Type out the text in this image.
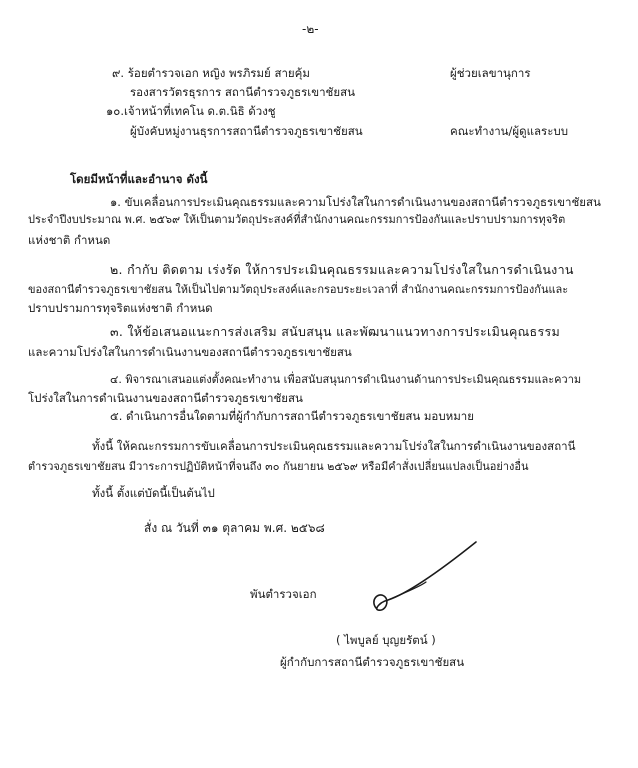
-๒-
๙. ร้อยตำรวจเอก หญิง พรภิรมย์ สายคุ้ม	ผู้ช่วยเลขานุการ
รองสารวัตรธุรการ สถานีตำรวจภูธรเขาชัยสน
๑๐.เจ้าหน้าที่เทคโน ด.ต.นิธิ ด้วงชู
ผู้บังคับหมู่งานธุรการสถานีตำรวจภูธรเขาชัยสน	คณะทำงาน/ผู้ดูแลระบบ
โดยมีหน้าที่และอำนาจ ดังนี้
๑. ขับเคลื่อนการประเมินคุณธรรมและความโปร่งใสในการดำเนินงานของสถานีตำรวจภูธรเขาชัยสน
ประจำปีงบประมาณ พ.ศ. ๒๕๖๙ ให้เป็นตามวัตถุประสงค์ที่สำนักงานคณะกรรมการป้องกันและปราบปรามการทุจริต
แห่งชาติ กำหนด
๒. กำกับ ติดตาม เร่งรัด ให้การประเมินคุณธรรมและความโปร่งใสในการดำเนินงาน
ของสถานีตำรวจภูธรเขาชัยสน ให้เป็นไปตามวัตถุประสงค์และกรอบระยะเวลาที่ สำนักงานคณะกรรมการป้องกันและ
ปราบปรามการทุจริตแห่งชาติ กำหนด
๓. ให้ข้อเสนอแนะการส่งเสริม สนับสนุน และพัฒนาแนวทางการประเมินคุณธรรม
และความโปร่งใสในการดำเนินงานของสถานีตำรวจภูธรเขาชัยสน
๔. พิจารณาเสนอแต่งตั้งคณะทำงาน เพื่อสนับสนุนการดำเนินงานด้านการประเมินคุณธรรมและความ
โปร่งใสในการดำเนินงานของสถานีตำรวจภูธรเขาชัยสน
๕. ดำเนินการอื่นใดตามที่ผู้กำกับการสถานีตำรวจภูธรเขาชัยสน มอบหมาย
ทั้งนี้ ให้คณะกรรมการขับเคลื่อนการประเมินคุณธรรมและความโปร่งใสในการดำเนินงานของสถานี
ตำรวจภูธรเขาชัยสน มีวาระการปฏิบัติหน้าที่จนถึง ๓๐ กันยายน ๒๕๖๙ หรือมีคำสั่งเปลี่ยนแปลงเป็นอย่างอื่น
ทั้งนี้ ตั้งแต่บัดนี้เป็นต้นไป
สั่ง ณ วันที่ ๓๑ ตุลาคม พ.ศ. ๒๕๖๘
พันตำรวจเอก
( ไพบูลย์ บุญยรัตน์ )
ผู้กำกับการสถานีตำรวจภูธรเขาชัยสน
